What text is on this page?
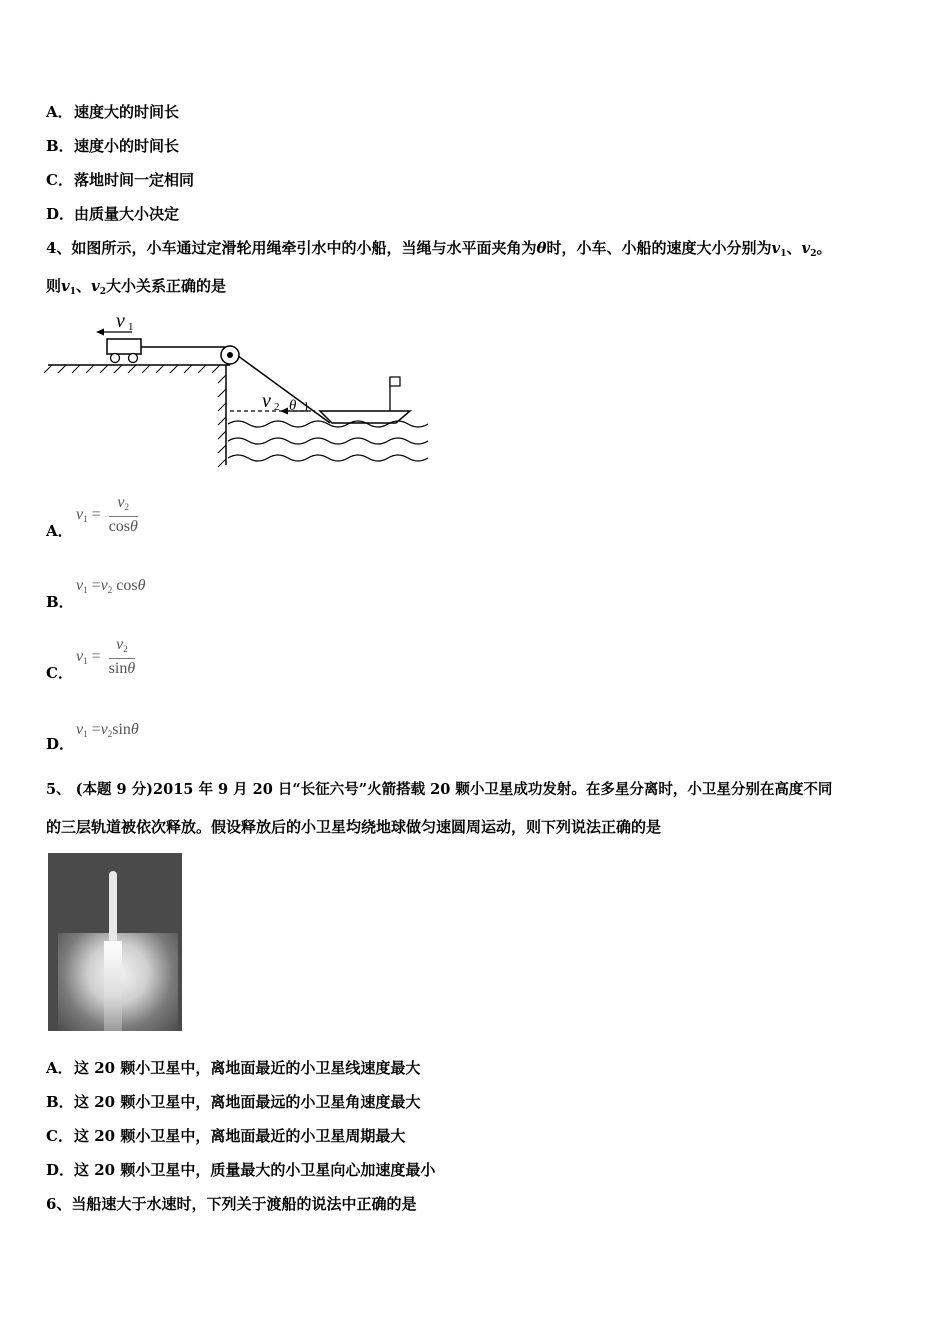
A．速度大的时间长
B．速度小的时间长
C．落地时间一定相同
D．由质量大小决定
4、如图所示，小车通过定滑轮用绳牵引水中的小船，当绳与水平面夹角为θ时，小车、小船的速度大小分别为$v_1$、$v_2$。
则$v_1$、$v_2$大小关系正确的是
v 1
v 2 θ
A．
$v_1 = \frac{v_2}{\cos\theta}$
B．
$v_1 =v_2$ cosθ
C．
$v_1 = \frac{v_2}{\sin\theta}$
D．
$v_1 =v_2\sin\theta$
5、 (本题 9 分)2015 年 9 月 20 日“长征六号”火箭搭载 20 颗小卫星成功发射。在多星分离时，小卫星分别在高度不同
的三层轨道被依次释放。假设释放后的小卫星均绕地球做匀速圆周运动，则下列说法正确的是
A．这 20 颗小卫星中，离地面最近的小卫星线速度最大
B．这 20 颗小卫星中，离地面最远的小卫星角速度最大
C．这 20 颗小卫星中，离地面最近的小卫星周期最大
D．这 20 颗小卫星中，质量最大的小卫星向心加速度最小
6、当船速大于水速时，下列关于渡船的说法中正确的是
